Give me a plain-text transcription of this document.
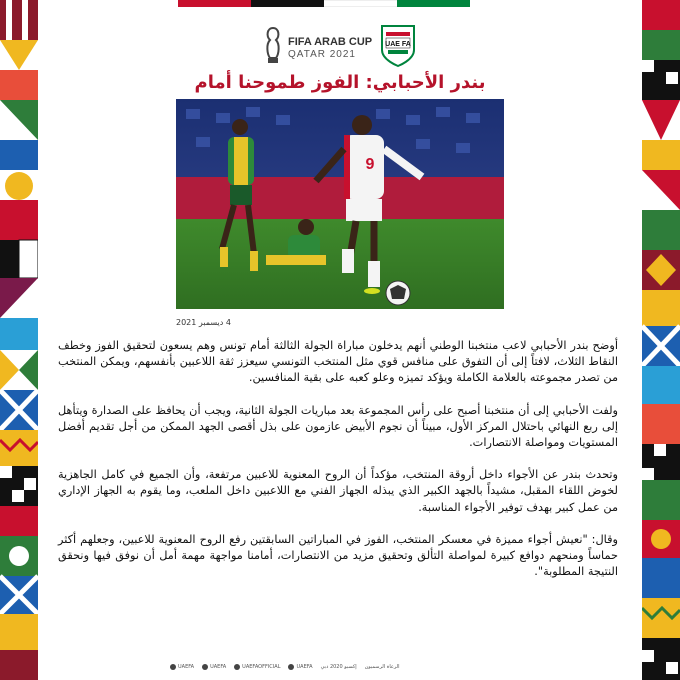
FIFA ARAB CUP
QATAR 2021
UAE FA
بندر الأحبابي: الفوز طموحنا أمام
9
4 ديسمبر 2021

أوضح بندر الأحبابي لاعب منتخبنا الوطني أنهم يدخلون مباراة الجولة الثالثة أمام تونس وهم يسعون لتحقيق الفوز وخطف النقاط الثلاث، لافتاً إلى أن التفوق على منافس قوي مثل المنتخب التونسي سيعزز ثقة اللاعبين بأنفسهم، ويمكن المنتخب من تصدر مجموعته بالعلامة الكاملة ويؤكد تميزه وعلو كعبه على بقية المنافسين.

ولفت الأحبابي إلى أن منتخبنا أصبح على رأس المجموعة بعد مباريات الجولة الثانية، ويجب أن يحافظ على الصدارة ويتأهل إلى ربع النهائي باحتلال المركز الأول، مبيناً أن نجوم الأبيض عازمون على بذل أقصى الجهد الممكن من أجل تقديم أفضل المستويات ومواصلة الانتصارات.

وتحدث بندر عن الأجواء داخل أروقة المنتخب، مؤكداً أن الروح المعنوية للاعبين مرتفعة، وأن الجميع في كامل الجاهزية لخوض اللقاء المقبل، مشيداً بالجهد الكبير الذي يبذله الجهاز الفني مع اللاعبين داخل الملعب، وما يقوم به الجهاز الإداري من عمل كبير بهدف توفير الأجواء المناسبة.

وقال: "نعيش أجواء مميزة في معسكر المنتخب، الفوز في المباراتين السابقتين رفع الروح المعنوية للاعبين، وجعلهم أكثر حماساً ومنحهم دوافع كبيرة لمواصلة التألق وتحقيق مزيد من الانتصارات، أمامنا مواجهة مهمة أمل أن نوفق فيها ونحقق النتيجة المطلوبة".

UAEFA	UAEFA	UAEFAOFFICIAL	UAEFA إكسبو 2020 دبي الرعاة الرسميون
